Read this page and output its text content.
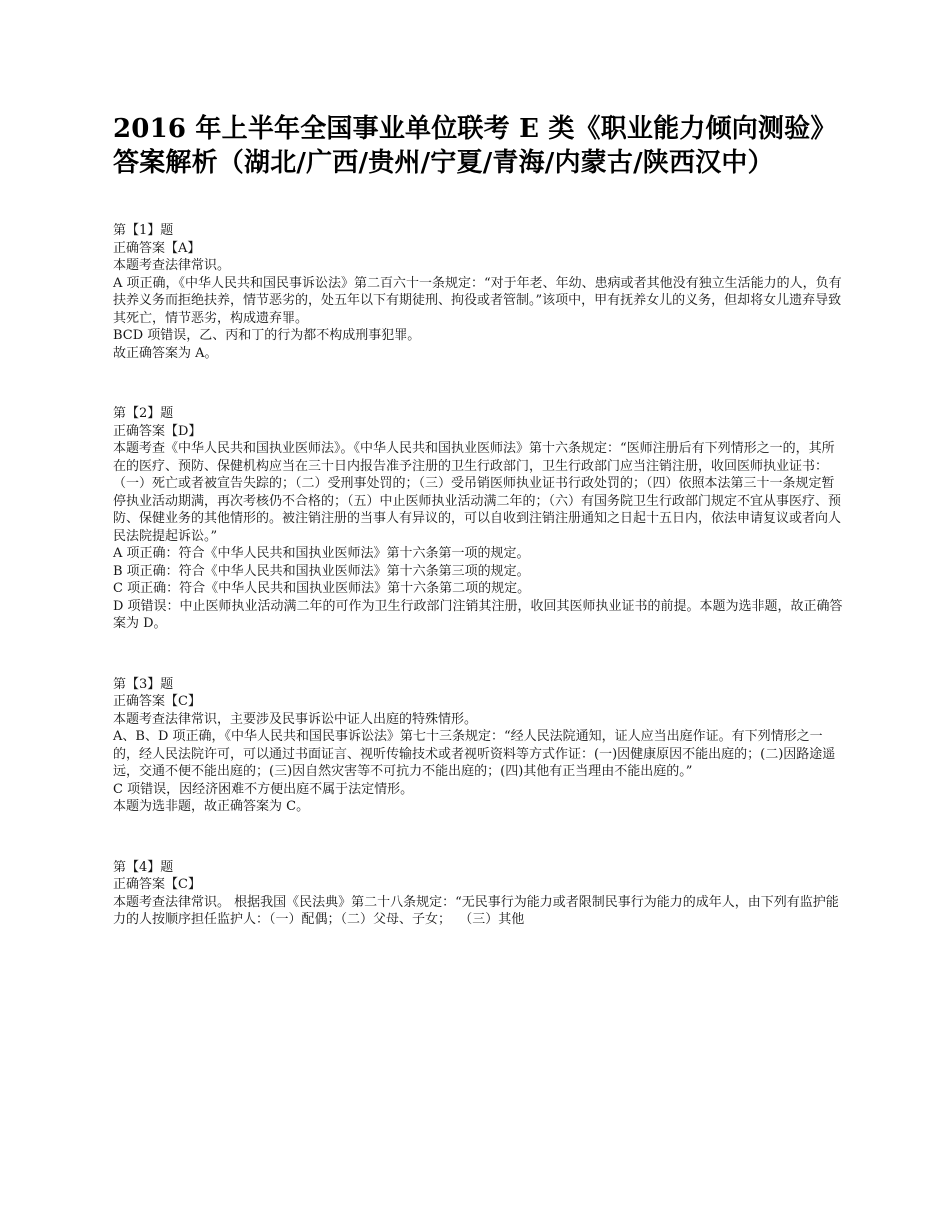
2016 年上半年全国事业单位联考 E 类《职业能力倾向测验》答案解析（湖北/广西/贵州/宁夏/青海/内蒙古/陕西汉中）
第【1】题
正确答案【A】
本题考查法律常识。
A 项正确，《中华人民共和国民事诉讼法》第二百六十一条规定：“对于年老、年幼、患病或者其他没有独立生活能力的人，负有扶养义务而拒绝扶养，情节恶劣的，处五年以下有期徒刑、拘役或者管制。”该项中，甲有抚养女儿的义务，但却将女儿遗弃导致其死亡，情节恶劣，构成遗弃罪。
BCD 项错误，乙、丙和丁的行为都不构成刑事犯罪。
故正确答案为 A。
第【2】题
正确答案【D】
本题考查《中华人民共和国执业医师法》。《中华人民共和国执业医师法》第十六条规定：“医师注册后有下列情形之一的，其所在的医疗、预防、保健机构应当在三十日内报告准予注册的卫生行政部门，卫生行政部门应当注销注册，收回医师执业证书：（一）死亡或者被宣告失踪的；（二）受刑事处罚的；（三）受吊销医师执业证书行政处罚的；（四）依照本法第三十一条规定暂停执业活动期满，再次考核仍不合格的；（五）中止医师执业活动满二年的；（六）有国务院卫生行政部门规定不宜从事医疗、预防、保健业务的其他情形的。被注销注册的当事人有异议的，可以自收到注销注册通知之日起十五日内，依法申请复议或者向人民法院提起诉讼。”
A 项正确：符合《中华人民共和国执业医师法》第十六条第一项的规定。
B 项正确：符合《中华人民共和国执业医师法》第十六条第三项的规定。
C 项正确：符合《中华人民共和国执业医师法》第十六条第二项的规定。
D 项错误：中止医师执业活动满二年的可作为卫生行政部门注销其注册，收回其医师执业证书的前提。本题为选非题，故正确答案为 D。
第【3】题
正确答案【C】
本题考查法律常识，主要涉及民事诉讼中证人出庭的特殊情形。
A、B、D 项正确，《中华人民共和国民事诉讼法》第七十三条规定：“经人民法院通知，证人应当出庭作证。有下列情形之一的，经人民法院许可，可以通过书面证言、视听传输技术或者视听资料等方式作证：(一)因健康原因不能出庭的；(二)因路途遥远，交通不便不能出庭的；(三)因自然灾害等不可抗力不能出庭的；(四)其他有正当理由不能出庭的。”
C 项错误，因经济困难不方便出庭不属于法定情形。
本题为选非题，故正确答案为 C。
第【4】题
正确答案【C】
本题考查法律常识。 根据我国《民法典》第二十八条规定：“无民事行为能力或者限制民事行为能力的成年人，由下列有监护能力的人按顺序担任监护人：（一）配偶；（二）父母、子女；  （三）其他
